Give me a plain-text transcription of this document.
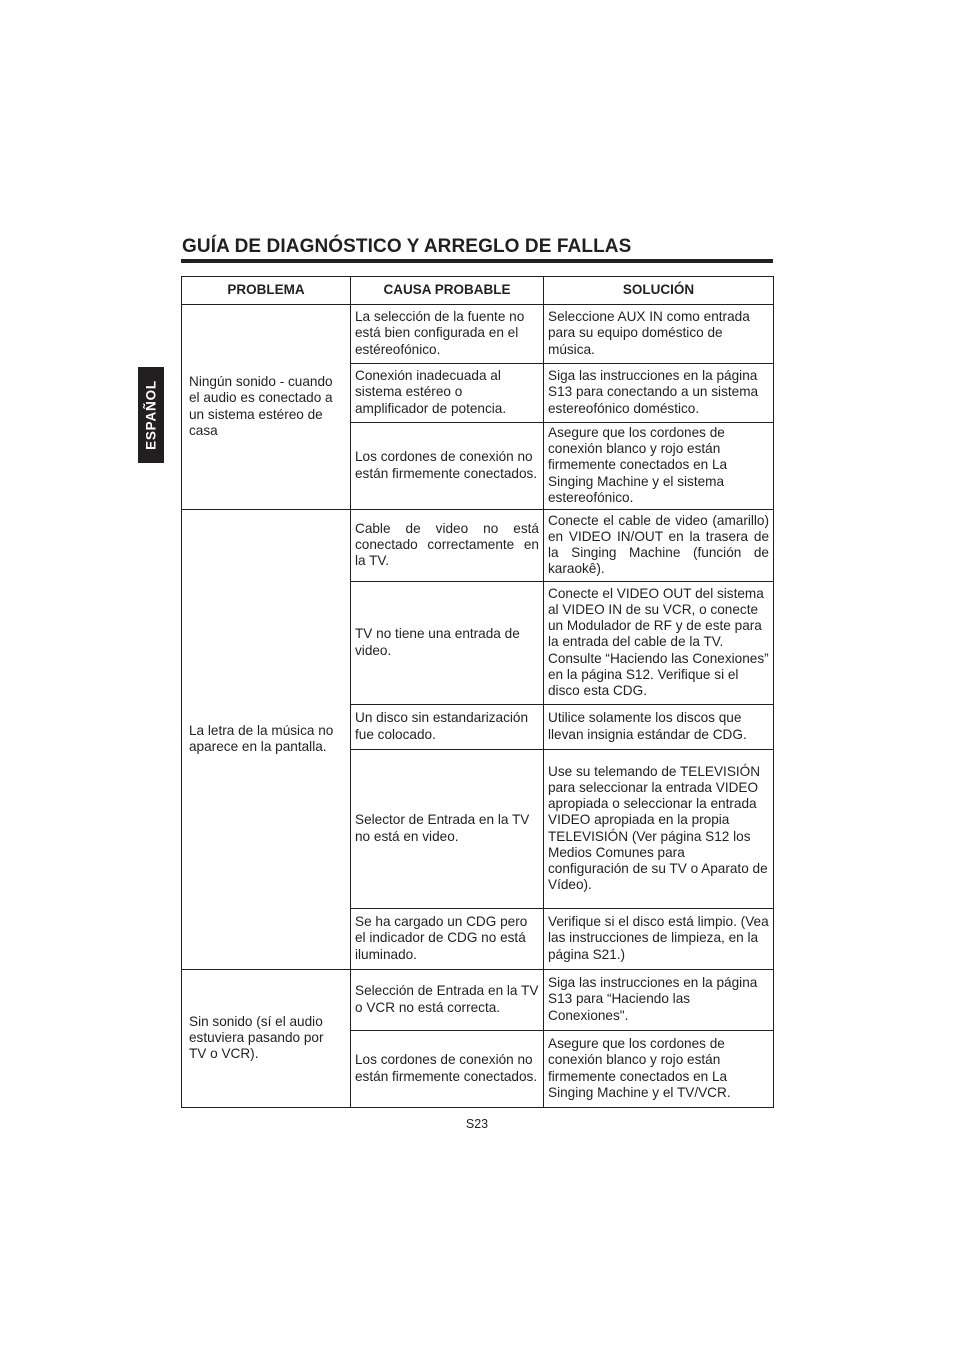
GUÍA DE DIAGNÓSTICO Y ARREGLO DE FALLAS
ESPAÑOL
PROBLEMA	CAUSA PROBABLE	SOLUCIÓN
Ningún sonido - cuando el audio es conectado a un sistema estéreo de casa	La selección de la fuente no está bien configurada en el estéreofónico.	Seleccione AUX IN como entrada para su equipo doméstico de música.
	Conexión inadecuada al sistema estéreo o amplificador de potencia.	Siga las instrucciones en la página S13 para conectando a un sistema estereofónico doméstico.
	Los cordones de conexión no están firmemente conectados.	Asegure que los cordones de conexión blanco y rojo están firmemente conectados en La Singing Machine y el sistema estereofónico.
La letra de la música no aparece en la pantalla.	Cable de video no está conectado correctamente en la TV.	Conecte el cable de video (amarillo) en VIDEO IN/OUT en la trasera de la Singing Machine (función de karaokê).
	TV no tiene una entrada de video.	Conecte el VIDEO OUT del sistema al VIDEO IN de su VCR, o conecte un Modulador de RF y de este para la entrada del cable de la TV. Consulte “Haciendo las Conexiones” en la página S12. Verifique si el disco esta CDG.
	Un disco sin estandarización fue colocado.	Utilice solamente los discos que llevan insignia estándar de CDG.
	Selector de Entrada en la TV no está en video.	Use su telemando de TELEVISIÓN para seleccionar la entrada VIDEO apropiada o seleccionar la entrada VIDEO apropiada en la propia TELEVISIÓN (Ver página S12 los Medios Comunes para configuración de su TV o Aparato de Vídeo).
	Se ha cargado un CDG pero el indicador de CDG no está iluminado.	Verifique si el disco está limpio. (Vea las instrucciones de limpieza, en la página S21.)
Sin sonido (sí el audio estuviera pasando por TV o VCR).	Selección de Entrada en la TV o VCR no está correcta.	Siga las instrucciones en la página S13 para “Haciendo las Conexiones".
	Los cordones de conexión no están firmemente conectados.	Asegure que los cordones de conexión blanco y rojo están firmemente conectados en La Singing Machine y el TV/VCR.
S23
